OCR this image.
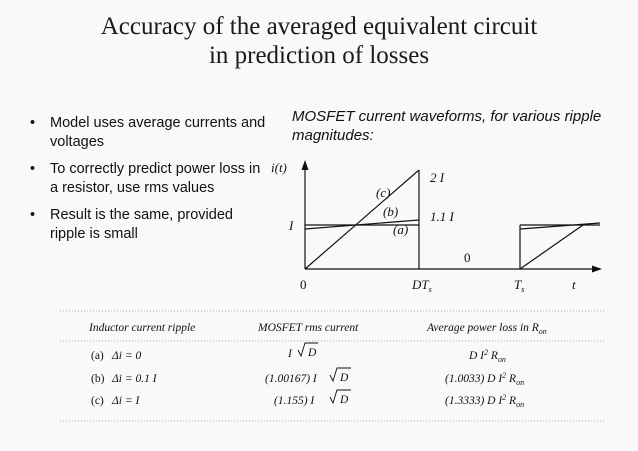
Accuracy of the averaged equivalent circuit
in prediction of losses
• Model uses average currents and voltages
• To correctly predict power loss in a resistor, use rms values
• Result is the same, provided ripple is small
MOSFET current waveforms, for various ripple magnitudes:
i(t)
t
0	$DT_s$	$T_s$
I
2 I
1.1 I
0
(c)
(b)
(a)
Inductor current ripple	MOSFET rms current	Average power loss in $R_{on}$
(a) Δi = 0	I D	D $I^2$ $R_{on}$
(b) Δi = 0.1 I	(1.00167) I D	(1.0033) D $I^2$ $R_{on}$
(c) Δi = I	(1.155) I D	(1.3333) D $I^2$ $R_{on}$
